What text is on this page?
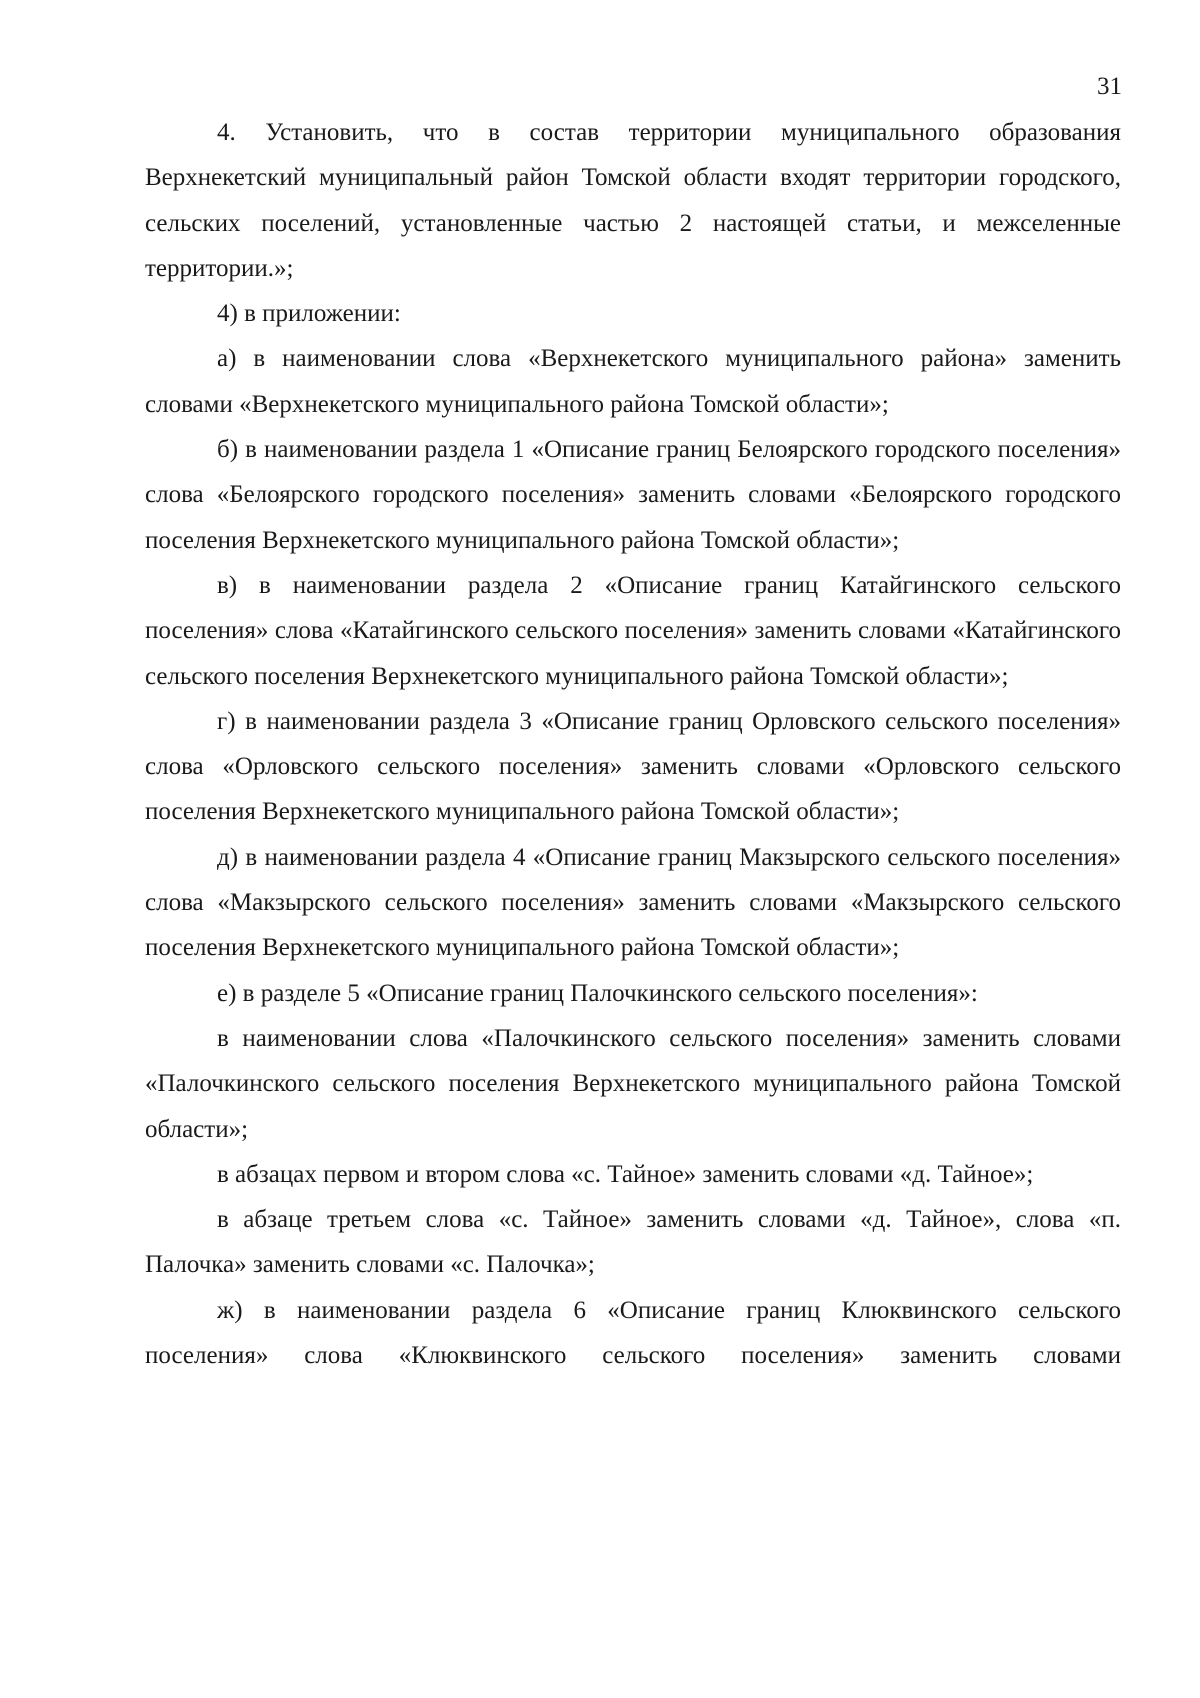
31

4. Установить, что в состав территории муниципального образования Верхнекетский муниципальный район Томской области входят территории городского, сельских поселений, установленные частью 2 настоящей статьи, и межселенные территории.»;

4) в приложении:

а) в наименовании слова «Верхнекетского муниципального района» заменить словами «Верхнекетского муниципального района Томской области»;

б) в наименовании раздела 1 «Описание границ Белоярского городского поселения» слова «Белоярского городского поселения» заменить словами «Белоярского городского поселения Верхнекетского муниципального района Томской области»;

в) в наименовании раздела 2 «Описание границ Катайгинского сельского поселения» слова «Катайгинского сельского поселения» заменить словами «Катайгинского сельского поселения Верхнекетского муниципального района Томской области»;

г) в наименовании раздела 3 «Описание границ Орловского сельского поселения» слова «Орловского сельского поселения» заменить словами «Орловского сельского поселения Верхнекетского муниципального района Томской области»;

д) в наименовании раздела 4 «Описание границ Макзырского сельского поселения» слова «Макзырского сельского поселения» заменить словами «Макзырского сельского поселения Верхнекетского муниципального района Томской области»;

е) в разделе 5 «Описание границ Палочкинского сельского поселения»:

в наименовании слова «Палочкинского сельского поселения» заменить словами «Палочкинского сельского поселения Верхнекетского муниципального района Томской области»;

в абзацах первом и втором слова «с. Тайное» заменить словами «д. Тайное»;

в абзаце третьем слова «с. Тайное» заменить словами «д. Тайное», слова «п. Палочка» заменить словами «с. Палочка»;

ж) в наименовании раздела 6 «Описание границ Клюквинского сельского поселения» слова «Клюквинского сельского поселения» заменить словами
